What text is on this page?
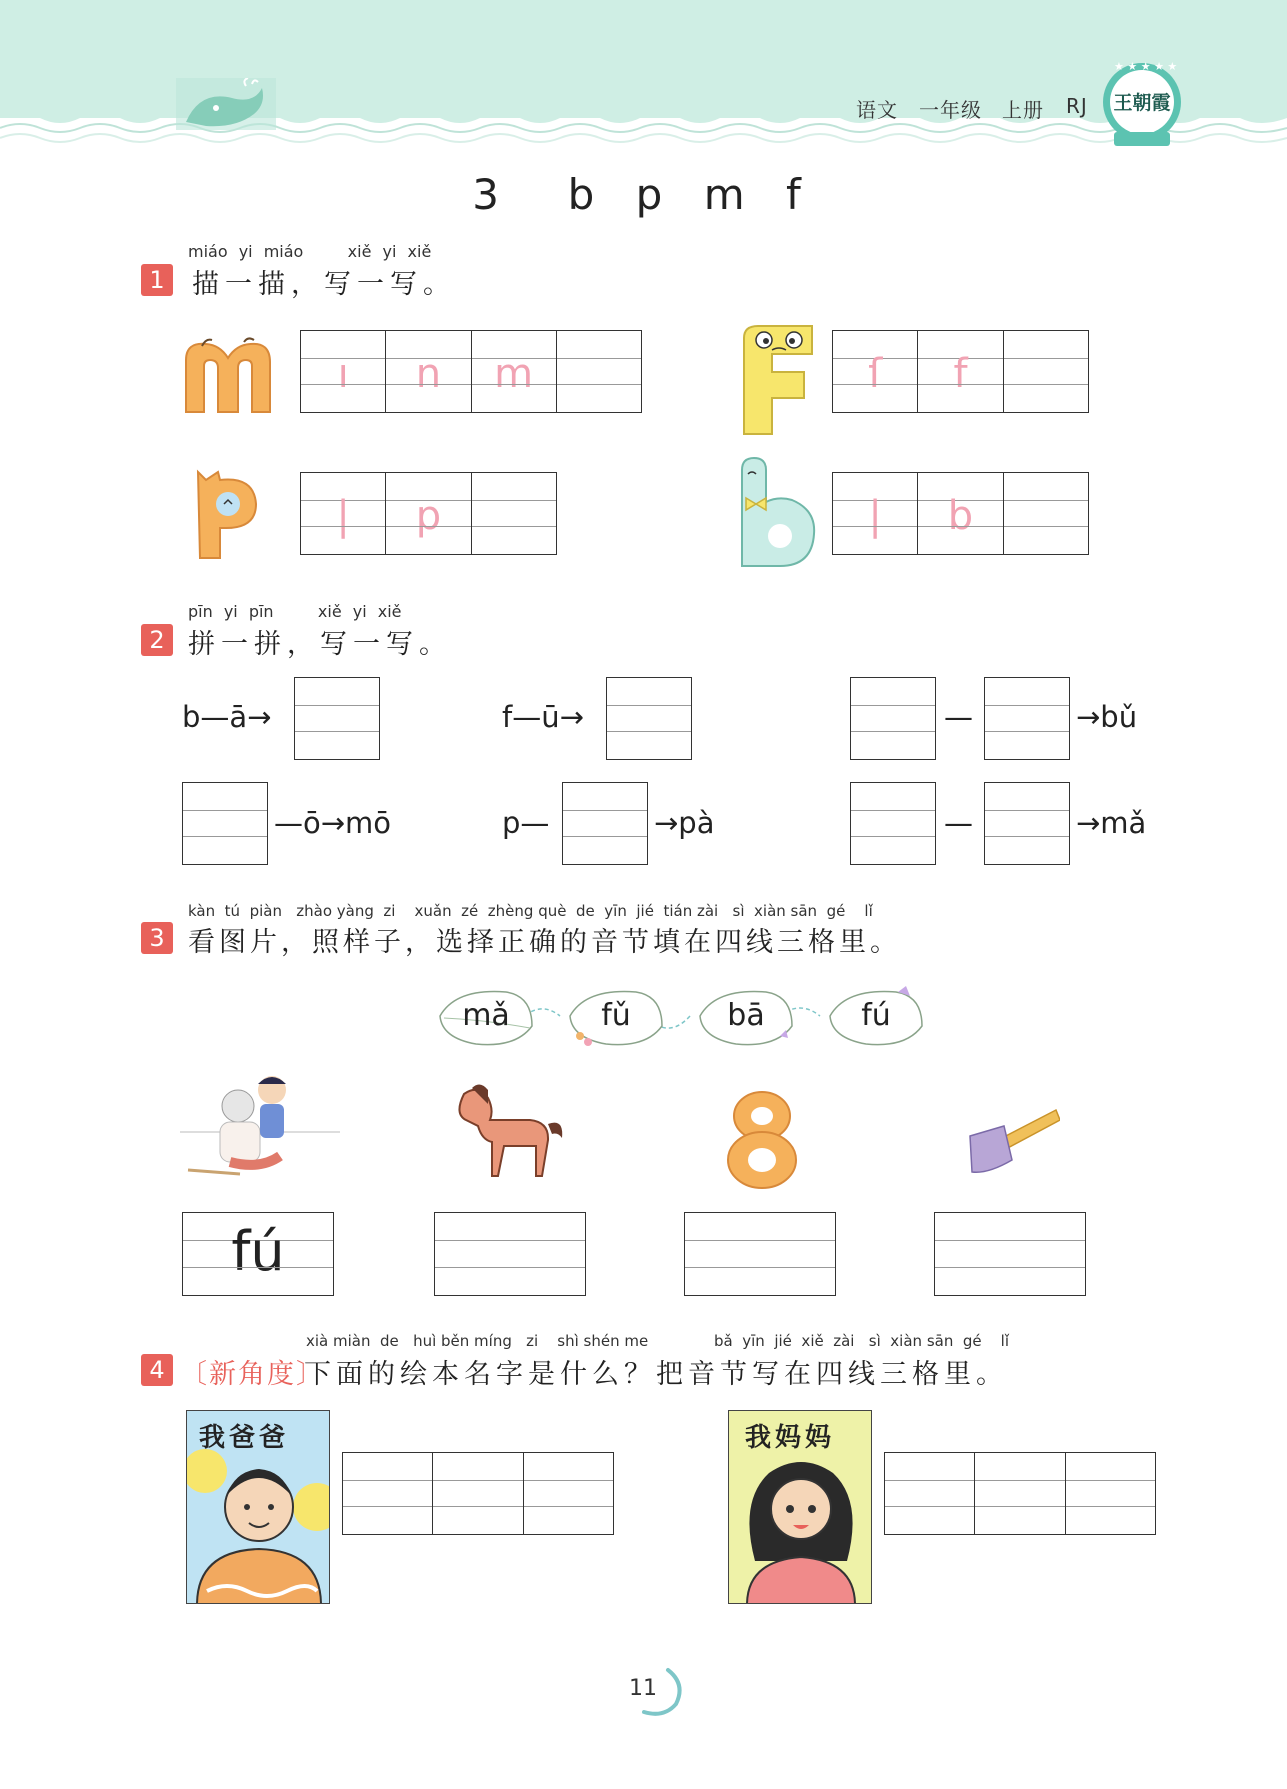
语文 一年级 上册 RJ
★ ★ ★ ★ ★
王朝霞
3  b p m f
miáo yi miáo    xiě yi xiě
1	描一描，写一写。
ı	n	m	ſ	f
|	p	|	b
pīn yi pīn    xiě yi xiě
2 拼一拼，写一写。
b—ā→	f—ū→	—	→bǔ
—ō→mō	p—	→pà	—	→mǎ
kàn  tú  piàn   zhào yàng  zi    xuǎn  zé  zhèng què  de  yīn  jié  tián zài   sì  xiàn sān  gé    lǐ
3 看图片，照样子，选择正确的音节填在四线三格里。
mǎ	fǔ	bā	fú
fú
xià miàn  de   huì běn míng   zi    shì shén me	bǎ  yīn  jié  xiě  zài   sì  xiàn sān  gé    lǐ
4 〔新角度〕
下面的绘本名字是什么？把音节写在四线三格里。
我爸爸	我妈妈
11
